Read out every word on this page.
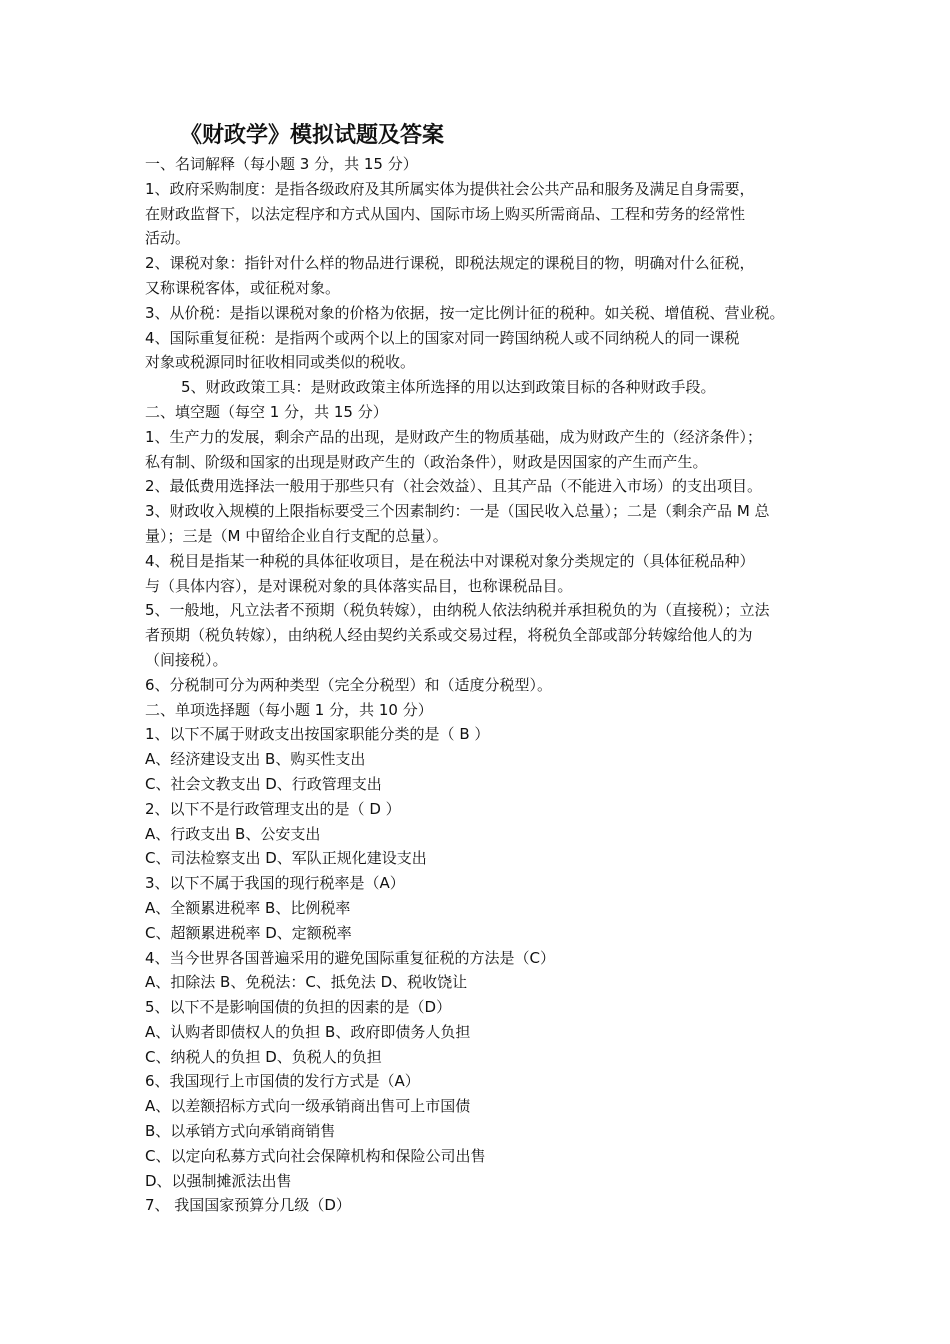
《财政学》模拟试题及答案
一、名词解释（每小题 3 分，共 15 分）
1、政府采购制度：是指各级政府及其所属实体为提供社会公共产品和服务及满足自身需要，
在财政监督下，以法定程序和方式从国内、国际市场上购买所需商品、工程和劳务的经常性
活动。
2、课税对象：指针对什么样的物品进行课税，即税法规定的课税目的物，明确对什么征税，
又称课税客体，或征税对象。
3、从价税：是指以课税对象的价格为依据，按一定比例计征的税种。如关税、增值税、营业税。
4、国际重复征税：是指两个或两个以上的国家对同一跨国纳税人或不同纳税人的同一课税
对象或税源同时征收相同或类似的税收。
5、财政政策工具：是财政政策主体所选择的用以达到政策目标的各种财政手段。
二、填空题（每空 1 分，共 15 分）
1、生产力的发展，剩余产品的出现，是财政产生的物质基础，成为财政产生的（经济条件）；
私有制、阶级和国家的出现是财政产生的（政治条件），财政是因国家的产生而产生。
2、最低费用选择法一般用于那些只有（社会效益）、且其产品（不能进入市场）的支出项目。
3、财政收入规模的上限指标要受三个因素制约：一是（国民收入总量）；二是（剩余产品 M 总
量）；三是（M 中留给企业自行支配的总量）。
4、税目是指某一种税的具体征收项目，是在税法中对课税对象分类规定的（具体征税品种）
与（具体内容），是对课税对象的具体落实品目，也称课税品目。
5、一般地，凡立法者不预期（税负转嫁），由纳税人依法纳税并承担税负的为（直接税）；立法
者预期（税负转嫁），由纳税人经由契约关系或交易过程，将税负全部或部分转嫁给他人的为
（间接税）。
6、分税制可分为两种类型（完全分税型）和（适度分税型）。
二、单项选择题（每小题 1 分，共 10 分）
1、以下不属于财政支出按国家职能分类的是（ B ）
A、经济建设支出 B、购买性支出
C、社会文教支出 D、行政管理支出
2、以下不是行政管理支出的是（ D ）
A、行政支出 B、公安支出
C、司法检察支出 D、军队正规化建设支出
3、以下不属于我国的现行税率是（A）
A、全额累进税率 B、比例税率
C、超额累进税率 D、定额税率
4、当今世界各国普遍采用的避免国际重复征税的方法是（C）
A、扣除法 B、免税法：C、抵免法 D、税收饶让
5、以下不是影响国债的负担的因素的是（D）
A、认购者即债权人的负担 B、政府即债务人负担
C、纳税人的负担 D、负税人的负担
6、我国现行上市国债的发行方式是（A）
A、以差额招标方式向一级承销商出售可上市国债
B、以承销方式向承销商销售
C、以定向私募方式向社会保障机构和保险公司出售
D、以强制摊派法出售
7、 我国国家预算分几级（D）
